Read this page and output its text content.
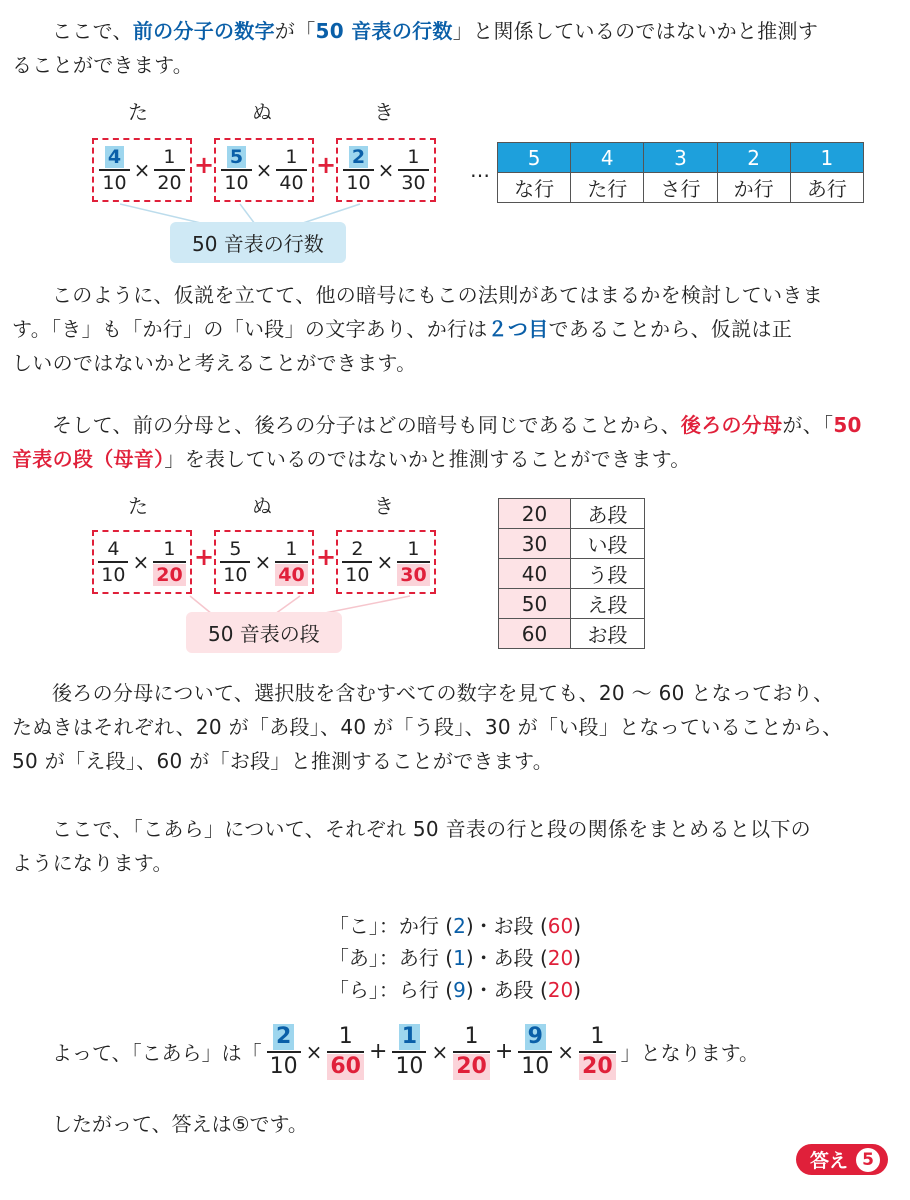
ここで、前の分子の数字が「50 音表の行数」と関係しているのではないかと推測す
ることができます。
た	ぬ	き
$\frac{4}{10} \times \frac{1}{20} + \frac{5}{10} \times \frac{1}{40} + \frac{2}{10} \times \frac{1}{30}$
50 音表の行数
…
5	4	3	2	1
な行	た行	さ行	か行	あ行
このように、仮説を立てて、他の暗号にもこの法則があてはまるかを検討していきま
す。「き」も「か行」の「い段」の文字あり、か行は２つ目であることから、仮説は正
しいのではないかと考えることができます。
そして、前の分母と、後ろの分子はどの暗号も同じであることから、後ろの分母が、「50
音表の段（母音）」を表しているのではないかと推測することができます。
た	ぬ	き
$\frac{4}{10} \times \frac{1}{20} + \frac{5}{10} \times \frac{1}{40} + \frac{2}{10} \times \frac{1}{30}$
50 音表の段
20	あ段
30	い段
40	う段
50	え段
60	お段
後ろの分母について、選択肢を含むすべての数字を見ても、20 〜 60 となっており、
たぬきはそれぞれ、20 が「あ段」、40 が「う段」、30 が「い段」となっていることから、
50 が「え段」、60 が「お段」と推測することができます。
ここで、「こあら」について、それぞれ 50 音表の行と段の関係をまとめると以下の
ようになります。
「こ」：か行 (2)・お段 (60)
「あ」：あ行 (1)・あ段 (20)
「ら」：ら行 (9)・あ段 (20)
よって、「こあら」は「 $\frac{2}{10} \times \frac{1}{60} + \frac{1}{10} \times \frac{1}{20} + \frac{9}{10} \times \frac{1}{20}$ 」となります。
したがって、答えは⑤です。
答え 5
